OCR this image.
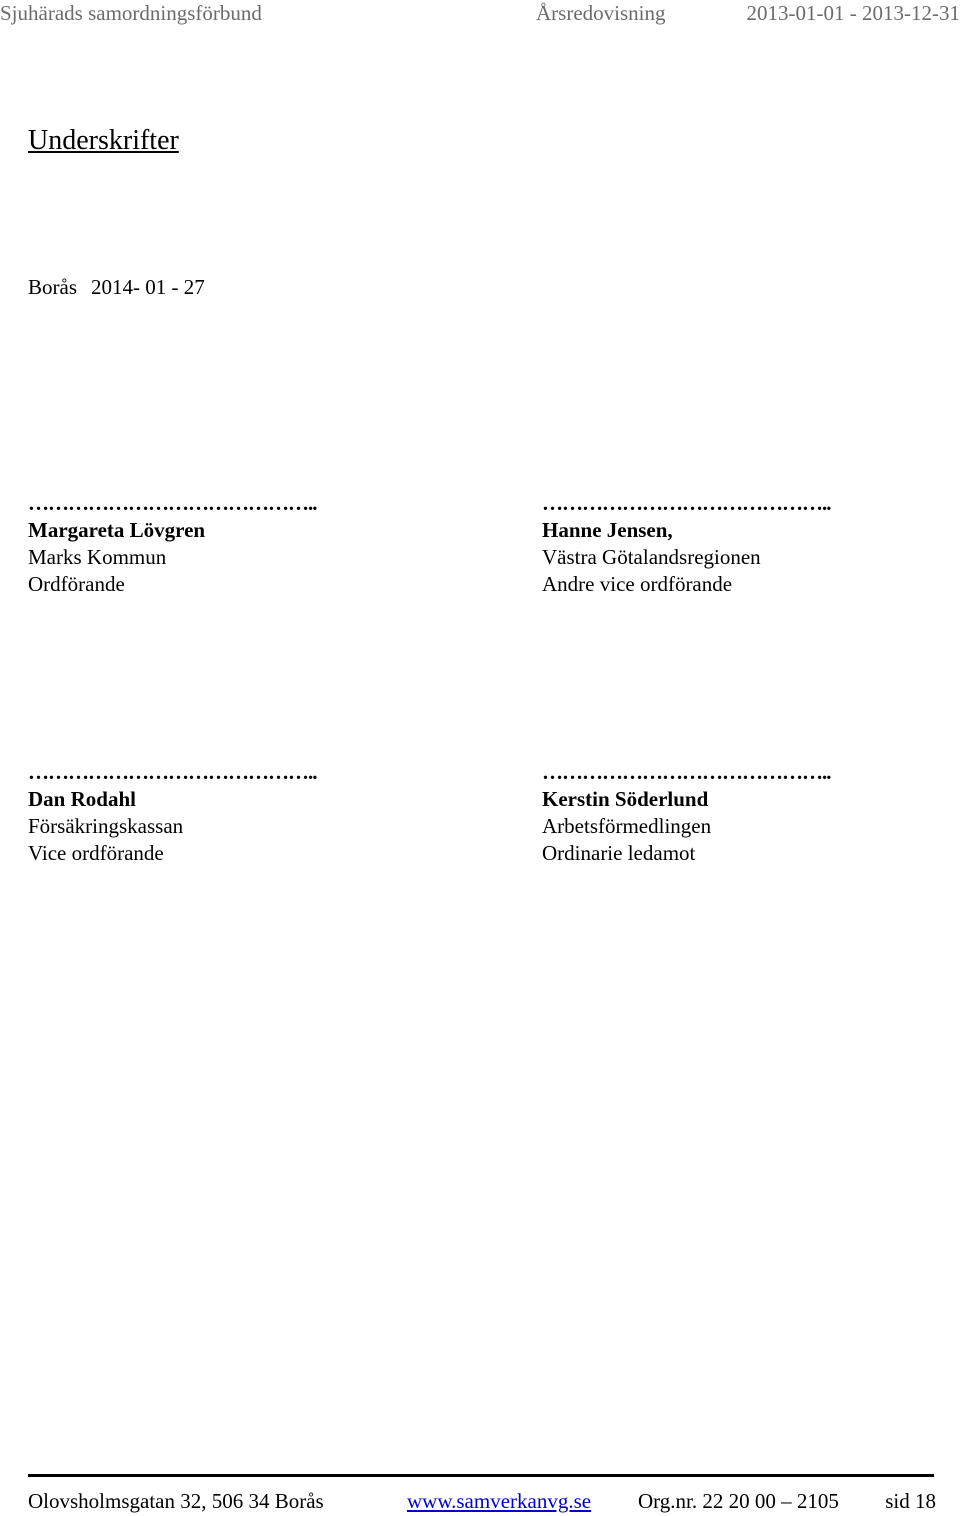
Sjuhärads samordningsförbund	Årsredovisning	2013-01-01 - 2013-12-31
Underskrifter
Borås 2014- 01 - 27
……………………………………..
Margareta Lövgren
Marks Kommun
Ordförande
……………………………………..
Hanne Jensen,
Västra Götalandsregionen
Andre vice ordförande
……………………………………..
Dan Rodahl
Försäkringskassan
Vice ordförande
……………………………………..
Kerstin Söderlund
Arbetsförmedlingen
Ordinarie ledamot
Olovsholmsgatan 32, 506 34 Borås	www.samverkanvg.se Org.nr. 22 20 00 – 2105 sid 18
